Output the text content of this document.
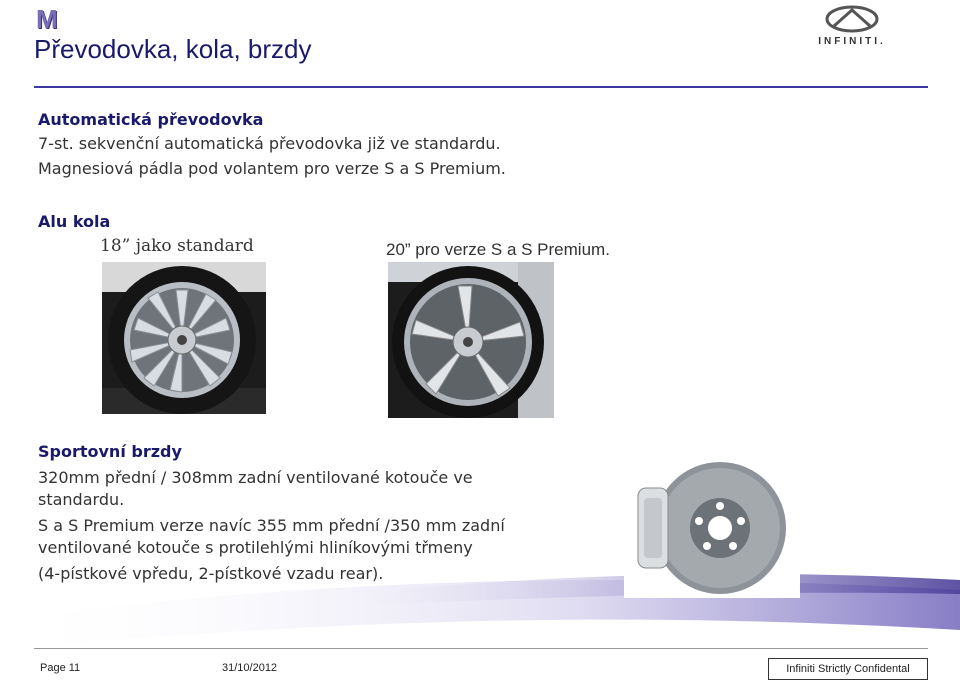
M
Převodovka, kola, brzdy	INFINITI.
Automatická převodovka
7-st. sekvenční automatická převodovka již ve standardu.
Magnesiová pádla pod volantem pro verze S a S Premium.
Alu kola
18” jako standard	20” pro verze S a S Premium.
Sportovní brzdy
320mm přední / 308mm zadní ventilované kotouče ve
standardu.
S a S Premium verze navíc 355 mm přední /350 mm zadní
ventilované kotouče s protilehlými hliníkovými třmeny
(4-pístkové vpředu, 2-pístkové vzadu rear).
Page 11	31/10/2012	Infiniti Strictly Confidental
